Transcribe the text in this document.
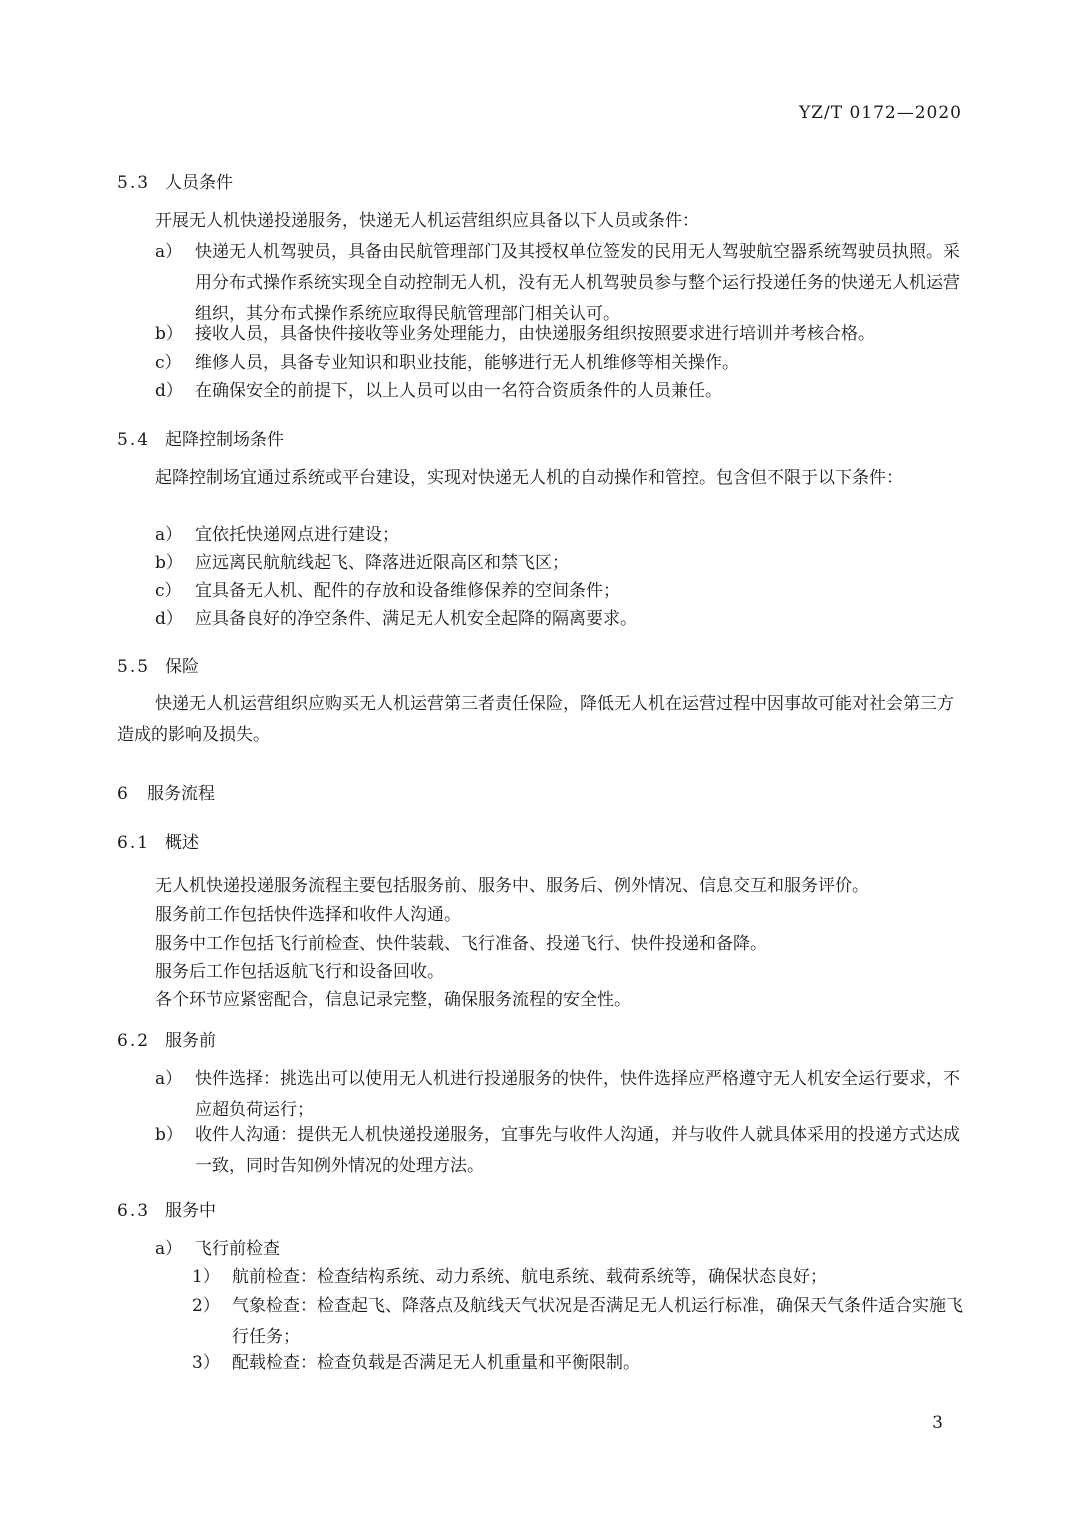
YZ/T 0172—2020
5.3 人员条件

开展无人机快递投递服务，快递无人机运营组织应具备以下人员或条件：

a） 快递无人机驾驶员，具备由民航管理部门及其授权单位签发的民用无人驾驶航空器系统驾驶员执照。采用分布式操作系统实现全自动控制无人机，没有无人机驾驶员参与整个运行投递任务的快递无人机运营组织，其分布式操作系统应取得民航管理部门相关认可。
b） 接收人员，具备快件接收等业务处理能力，由快递服务组织按照要求进行培训并考核合格。
c） 维修人员，具备专业知识和职业技能，能够进行无人机维修等相关操作。
d） 在确保安全的前提下，以上人员可以由一名符合资质条件的人员兼任。
5.4 起降控制场条件

起降控制场宜通过系统或平台建设，实现对快递无人机的自动操作和管控。包含但不限于以下条件：

a） 宜依托快递网点进行建设；
b） 应远离民航航线起飞、降落进近限高区和禁飞区；
c） 宜具备无人机、配件的存放和设备维修保养的空间条件；
d） 应具备良好的净空条件、满足无人机安全起降的隔离要求。
5.5 保险

快递无人机运营组织应购买无人机运营第三者责任保险，降低无人机在运营过程中因事故可能对社会第三方造成的影响及损失。

6 服务流程
6.1 概述
无人机快递投递服务流程主要包括服务前、服务中、服务后、例外情况、信息交互和服务评价。
服务前工作包括快件选择和收件人沟通。
服务中工作包括飞行前检查、快件装载、飞行准备、投递飞行、快件投递和备降。
服务后工作包括返航飞行和设备回收。
各个环节应紧密配合，信息记录完整，确保服务流程的安全性。
6.2 服务前
a） 快件选择：挑选出可以使用无人机进行投递服务的快件，快件选择应严格遵守无人机安全运行要求，不应超负荷运行；
b） 收件人沟通：提供无人机快递投递服务，宜事先与收件人沟通，并与收件人就具体采用的投递方式达成一致，同时告知例外情况的处理方法。
6.3 服务中
a） 飞行前检查
1） 航前检查：检查结构系统、动力系统、航电系统、载荷系统等，确保状态良好；
2） 气象检查：检查起飞、降落点及航线天气状况是否满足无人机运行标准，确保天气条件适合实施飞行任务；
3） 配载检查：检查负载是否满足无人机重量和平衡限制。
3
